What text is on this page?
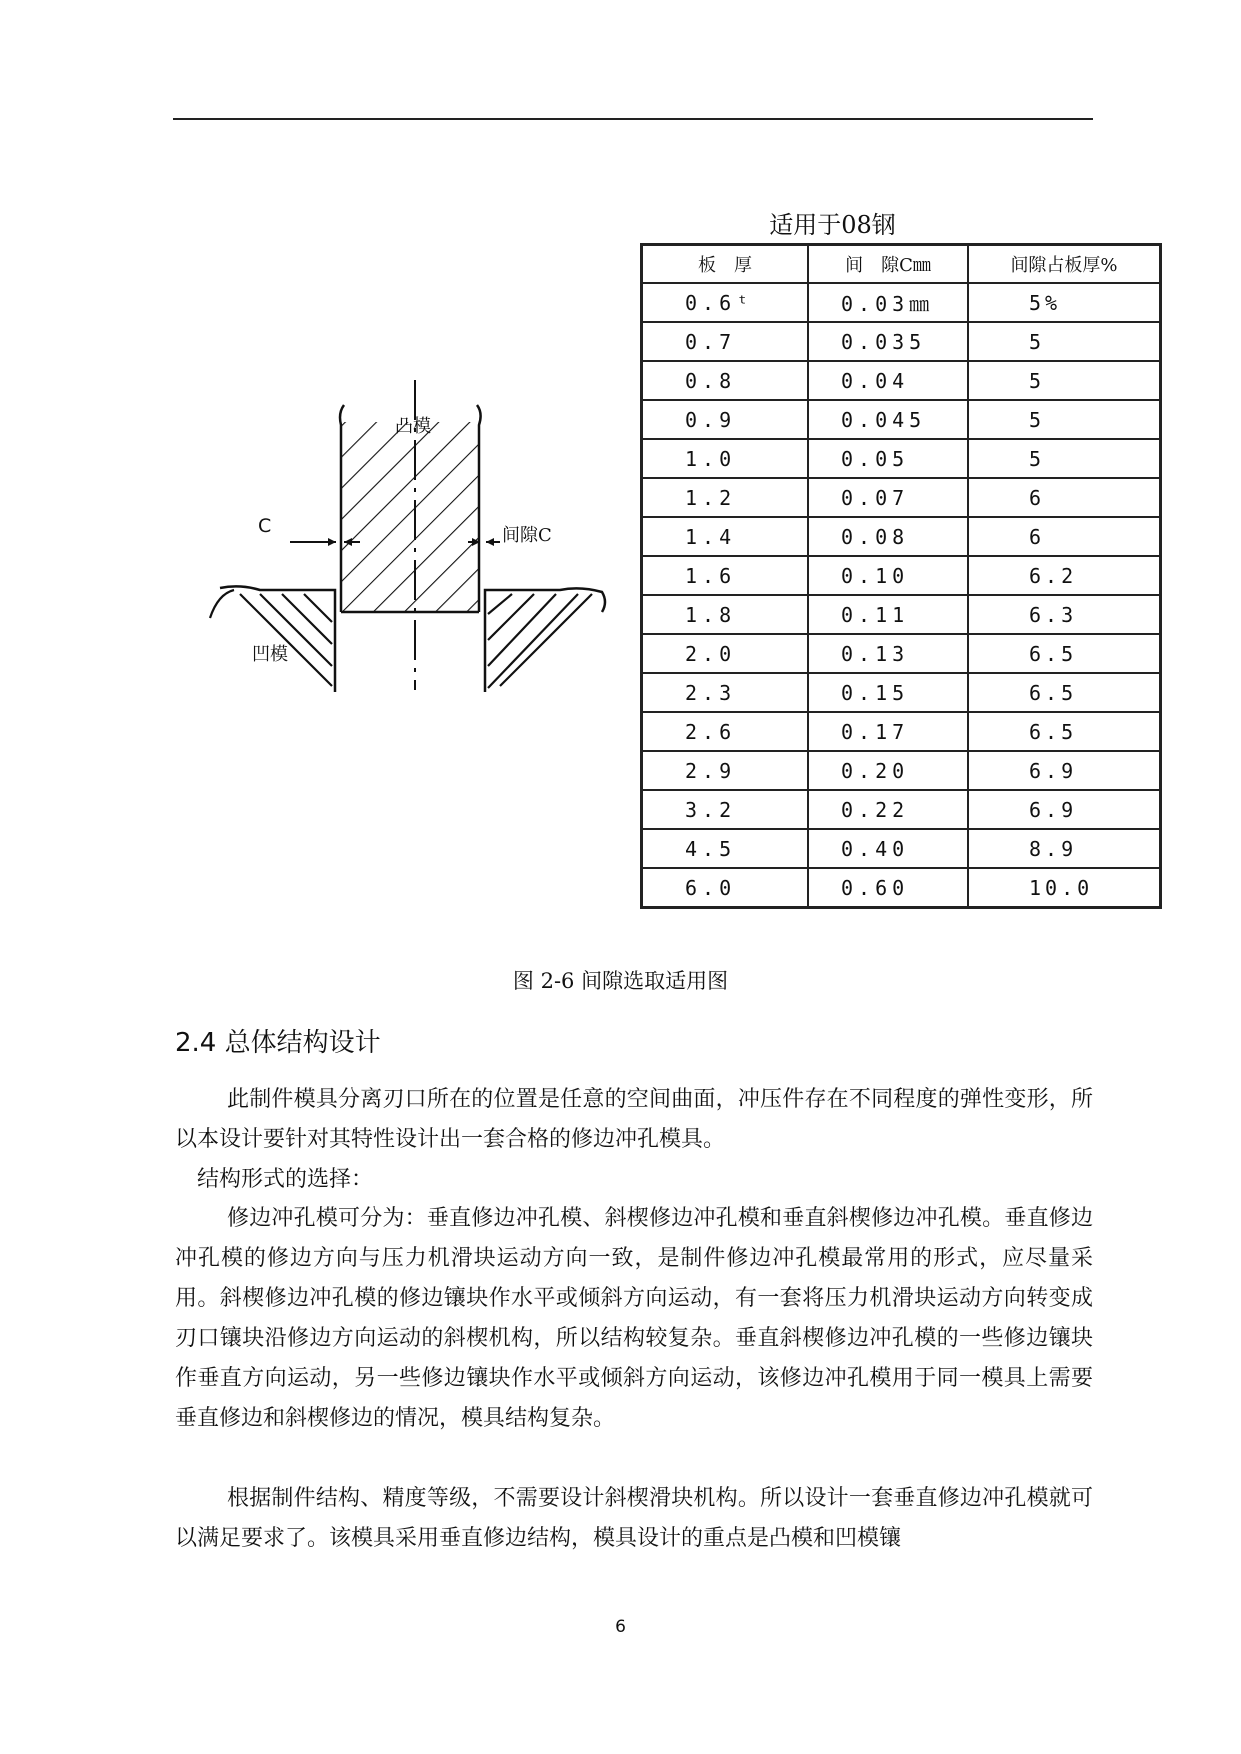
凸模
C	间隙C
凹模
适用于08钢
板　厚	间　隙C㎜	间隙占板厚%
0.6ᵗ	0.03㎜	5%
0.7	0.035	5
0.8	0.04	5
0.9	0.045	5
1.0	0.05	5
1.2	0.07	6
1.4	0.08	6
1.6	0.10	6.2
1.8	0.11	6.3
2.0	0.13	6.5
2.3	0.15	6.5
2.6	0.17	6.5
2.9	0.20	6.9
3.2	0.22	6.9
4.5	0.40	8.9
6.0	0.60	10.0
图 2-6 间隙选取适用图
2.4 总体结构设计

此制件模具分离刃口所在的位置是任意的空间曲面，冲压件存在不同程度的弹性变形，所以本设计要针对其特性设计出一套合格的修边冲孔模具。

结构形式的选择：

修边冲孔模可分为：垂直修边冲孔模、斜楔修边冲孔模和垂直斜楔修边冲孔模。垂直修边冲孔模的修边方向与压力机滑块运动方向一致，是制件修边冲孔模最常用的形式，应尽量采用。斜楔修边冲孔模的修边镶块作水平或倾斜方向运动，有一套将压力机滑块运动方向转变成刃口镶块沿修边方向运动的斜楔机构，所以结构较复杂。垂直斜楔修边冲孔模的一些修边镶块作垂直方向运动，另一些修边镶块作水平或倾斜方向运动，该修边冲孔模用于同一模具上需要垂直修边和斜楔修边的情况，模具结构复杂。

根据制件结构、精度等级，不需要设计斜楔滑块机构。所以设计一套垂直修边冲孔模就可以满足要求了。该模具采用垂直修边结构，模具设计的重点是凸模和凹模镶

6
